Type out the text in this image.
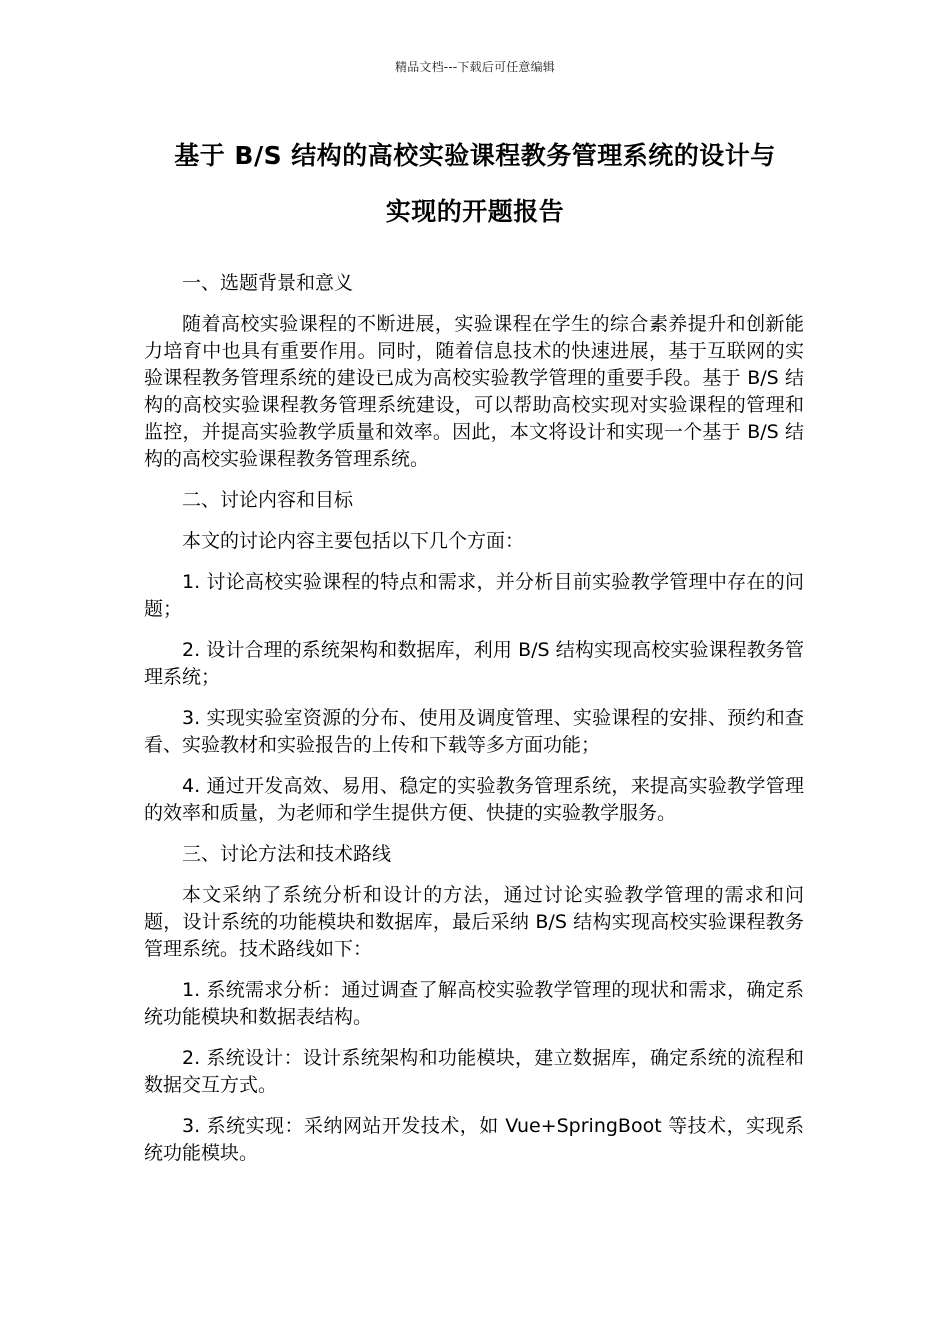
精品文档---下载后可任意编辑
基于 B/S 结构的高校实验课程教务管理系统的设计与
实现的开题报告

一、选题背景和意义

随着高校实验课程的不断进展，实验课程在学生的综合素养提升和创新能力培育中也具有重要作用。同时，随着信息技术的快速进展，基于互联网的实验课程教务管理系统的建设已成为高校实验教学管理的重要手段。基于 B/S 结构的高校实验课程教务管理系统建设，可以帮助高校实现对实验课程的管理和监控，并提高实验教学质量和效率。因此，本文将设计和实现一个基于 B/S 结构的高校实验课程教务管理系统。

二、讨论内容和目标

本文的讨论内容主要包括以下几个方面：

1. 讨论高校实验课程的特点和需求，并分析目前实验教学管理中存在的问题；

2. 设计合理的系统架构和数据库，利用 B/S 结构实现高校实验课程教务管理系统；

3. 实现实验室资源的分布、使用及调度管理、实验课程的安排、预约和查看、实验教材和实验报告的上传和下载等多方面功能；

4. 通过开发高效、易用、稳定的实验教务管理系统，来提高实验教学管理的效率和质量，为老师和学生提供方便、快捷的实验教学服务。

三、讨论方法和技术路线

本文采纳了系统分析和设计的方法，通过讨论实验教学管理的需求和问题，设计系统的功能模块和数据库，最后采纳 B/S 结构实现高校实验课程教务管理系统。技术路线如下：

1. 系统需求分析：通过调查了解高校实验教学管理的现状和需求，确定系统功能模块和数据表结构。

2. 系统设计：设计系统架构和功能模块，建立数据库，确定系统的流程和数据交互方式。

3. 系统实现：采纳网站开发技术，如 Vue+SpringBoot 等技术，实现系统功能模块。
